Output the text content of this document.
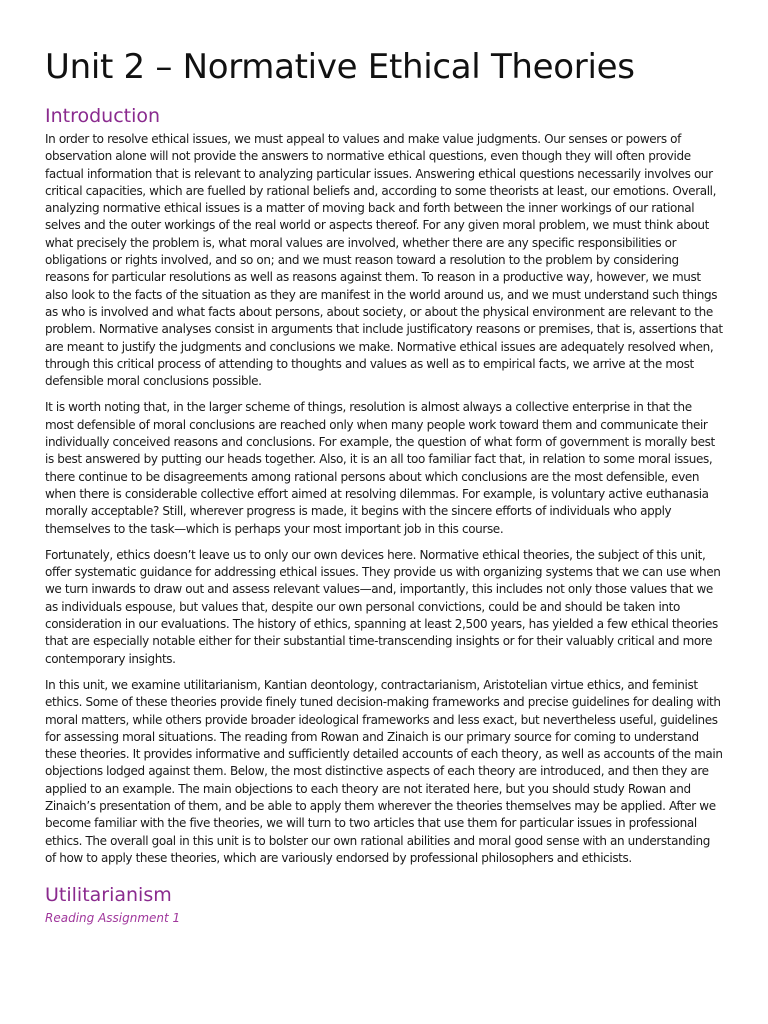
Unit 2 – Normative Ethical Theories
Introduction

In order to resolve ethical issues, we must appeal to values and make value judgments. Our senses or powers of observation alone will not provide the answers to normative ethical questions, even though they will often provide factual information that is relevant to analyzing particular issues. Answering ethical questions necessarily involves our critical capacities, which are fuelled by rational beliefs and, according to some theorists at least, our emotions. Overall, analyzing normative ethical issues is a matter of moving back and forth between the inner workings of our rational selves and the outer workings of the real world or aspects thereof. For any given moral problem, we must think about what precisely the problem is, what moral values are involved, whether there are any specific responsibilities or obligations or rights involved, and so on; and we must reason toward a resolution to the problem by considering reasons for particular resolutions as well as reasons against them. To reason in a productive way, however, we must also look to the facts of the situation as they are manifest in the world around us, and we must understand such things as who is involved and what facts about persons, about society, or about the physical environment are relevant to the problem. Normative analyses consist in arguments that include justificatory reasons or premises, that is, assertions that are meant to justify the judgments and conclusions we make. Normative ethical issues are adequately resolved when, through this critical process of attending to thoughts and values as well as to empirical facts, we arrive at the most defensible moral conclusions possible.

It is worth noting that, in the larger scheme of things, resolution is almost always a collective enterprise in that the most defensible of moral conclusions are reached only when many people work toward them and communicate their individually conceived reasons and conclusions. For example, the question of what form of government is morally best is best answered by putting our heads together. Also, it is an all too familiar fact that, in relation to some moral issues, there continue to be disagreements among rational persons about which conclusions are the most defensible, even when there is considerable collective effort aimed at resolving dilemmas. For example, is voluntary active euthanasia morally acceptable? Still, wherever progress is made, it begins with the sincere efforts of individuals who apply themselves to the task—which is perhaps your most important job in this course.

Fortunately, ethics doesn’t leave us to only our own devices here. Normative ethical theories, the subject of this unit, offer systematic guidance for addressing ethical issues. They provide us with organizing systems that we can use when we turn inwards to draw out and assess relevant values—and, importantly, this includes not only those values that we as individuals espouse, but values that, despite our own personal convictions, could be and should be taken into consideration in our evaluations. The history of ethics, spanning at least 2,500 years, has yielded a few ethical theories that are especially notable either for their substantial time-transcending insights or for their valuably critical and more contemporary insights.

In this unit, we examine utilitarianism, Kantian deontology, contractarianism, Aristotelian virtue ethics, and feminist ethics. Some of these theories provide finely tuned decision-making frameworks and precise guidelines for dealing with moral matters, while others provide broader ideological frameworks and less exact, but nevertheless useful, guidelines for assessing moral situations. The reading from Rowan and Zinaich is our primary source for coming to understand these theories. It provides informative and sufficiently detailed accounts of each theory, as well as accounts of the main objections lodged against them. Below, the most distinctive aspects of each theory are introduced, and then they are applied to an example. The main objections to each theory are not iterated here, but you should study Rowan and Zinaich’s presentation of them, and be able to apply them wherever the theories themselves may be applied. After we become familiar with the five theories, we will turn to two articles that use them for particular issues in professional ethics. The overall goal in this unit is to bolster our own rational abilities and moral good sense with an understanding of how to apply these theories, which are variously endorsed by professional philosophers and ethicists.

Utilitarianism

Reading Assignment 1
